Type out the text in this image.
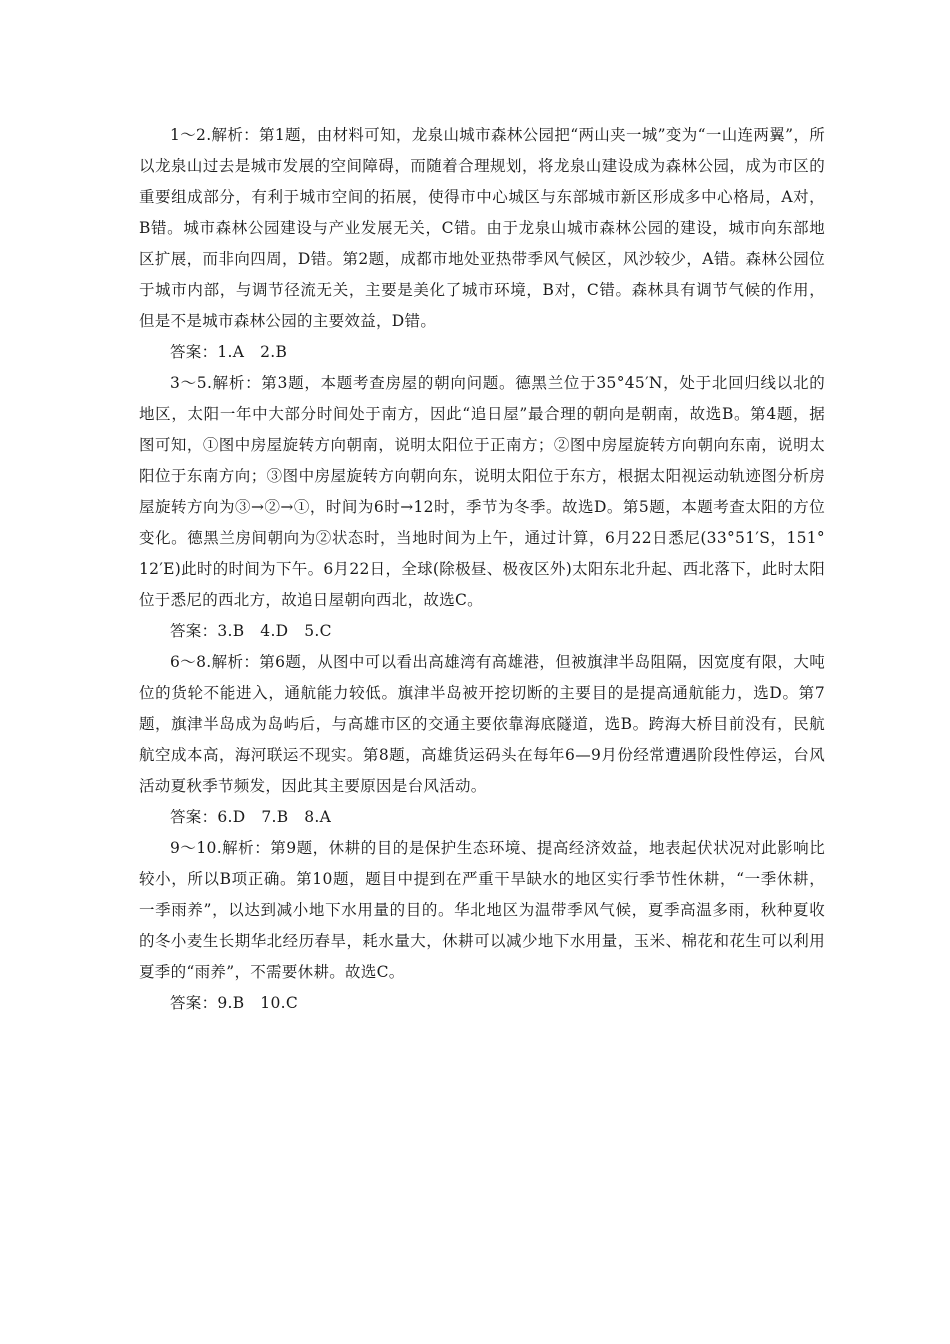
1～2.解析：第1题，由材料可知，龙泉山城市森林公园把“两山夹一城”变为“一山连两翼”，所以龙泉山过去是城市发展的空间障碍，而随着合理规划，将龙泉山建设成为森林公园，成为市区的重要组成部分，有利于城市空间的拓展，使得市中心城区与东部城市新区形成多中心格局，A对，B错。城市森林公园建设与产业发展无关，C错。由于龙泉山城市森林公园的建设，城市向东部地区扩展，而非向四周，D错。第2题，成都市地处亚热带季风气候区，风沙较少，A错。森林公园位于城市内部，与调节径流无关，主要是美化了城市环境，B对，C错。森林具有调节气候的作用，但是不是城市森林公园的主要效益，D错。

答案：1.A　2.B

3～5.解析：第3题，本题考查房屋的朝向问题。德黑兰位于35°45′N，处于北回归线以北的地区，太阳一年中大部分时间处于南方，因此“追日屋”最合理的朝向是朝南，故选B。第4题，据图可知，①图中房屋旋转方向朝南，说明太阳位于正南方；②图中房屋旋转方向朝向东南，说明太阳位于东南方向；③图中房屋旋转方向朝向东，说明太阳位于东方，根据太阳视运动轨迹图分析房屋旋转方向为③→②→①，时间为6时→12时，季节为冬季。故选D。第5题，本题考查太阳的方位变化。德黑兰房间朝向为②状态时，当地时间为上午，通过计算，6月22日悉尼(33°51′S，151°12′E)此时的时间为下午。6月22日，全球(除极昼、极夜区外)太阳东北升起、西北落下，此时太阳位于悉尼的西北方，故追日屋朝向西北，故选C。

答案：3.B　4.D　5.C

6～8.解析：第6题，从图中可以看出高雄湾有高雄港，但被旗津半岛阻隔，因宽度有限，大吨位的货轮不能进入，通航能力较低。旗津半岛被开挖切断的主要目的是提高通航能力，选D。第7题，旗津半岛成为岛屿后，与高雄市区的交通主要依靠海底隧道，选B。跨海大桥目前没有，民航航空成本高，海河联运不现实。第8题，高雄货运码头在每年6—9月份经常遭遇阶段性停运，台风活动夏秋季节频发，因此其主要原因是台风活动。

答案：6.D　7.B　8.A

9～10.解析：第9题，休耕的目的是保护生态环境、提高经济效益，地表起伏状况对此影响比较小，所以B项正确。第10题，题目中提到在严重干旱缺水的地区实行季节性休耕，“一季休耕，一季雨养”，以达到减小地下水用量的目的。华北地区为温带季风气候，夏季高温多雨，秋种夏收的冬小麦生长期华北经历春旱，耗水量大，休耕可以减少地下水用量，玉米、棉花和花生可以利用夏季的“雨养”，不需要休耕。故选C。

答案：9.B　10.C
